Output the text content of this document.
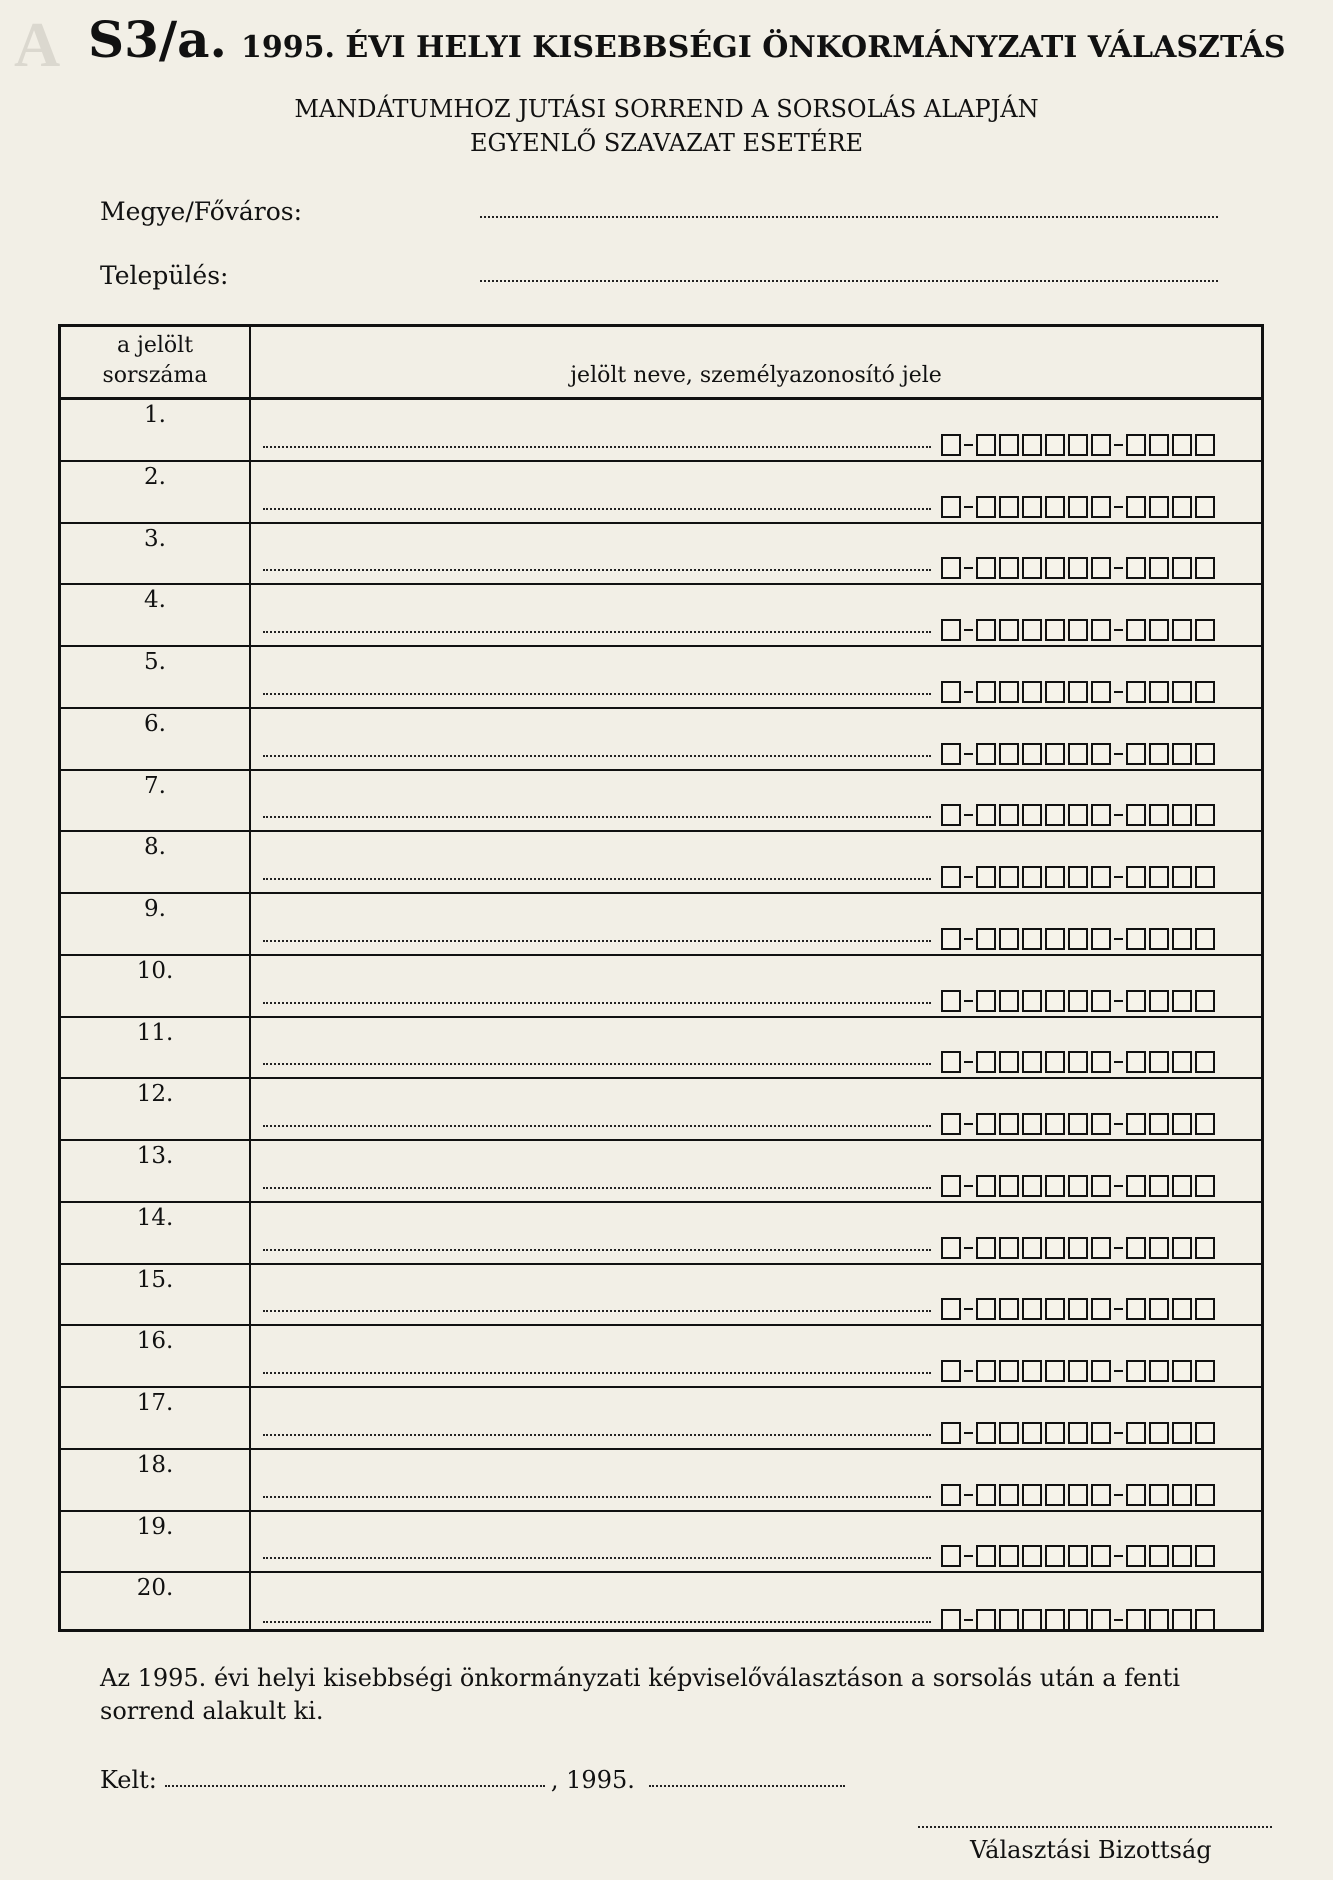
A S3/a. 1995. ÉVI HELYI KISEBBSÉGI ÖNKORMÁNYZATI VÁLASZTÁS
MANDÁTUMHOZ JUTÁSI SORREND A SORSOLÁS ALAPJÁN
EGYENLŐ SZAVAZAT ESETÉRE
Megye/Főváros:
Település:
a jelölt
sorszáma	jelölt neve, személyazonosító jele
1.
2.
3.
4.
5.
6.
7.
8.
9.
10.
11.
12.
13.
14.
15.
16.
17.
18.
19.
20.
Az 1995. évi helyi kisebbségi önkormányzati képviselőválasztáson a sorsolás után a fenti sorrend alakult ki.
Kelt:	, 1995.
Választási Bizottság
